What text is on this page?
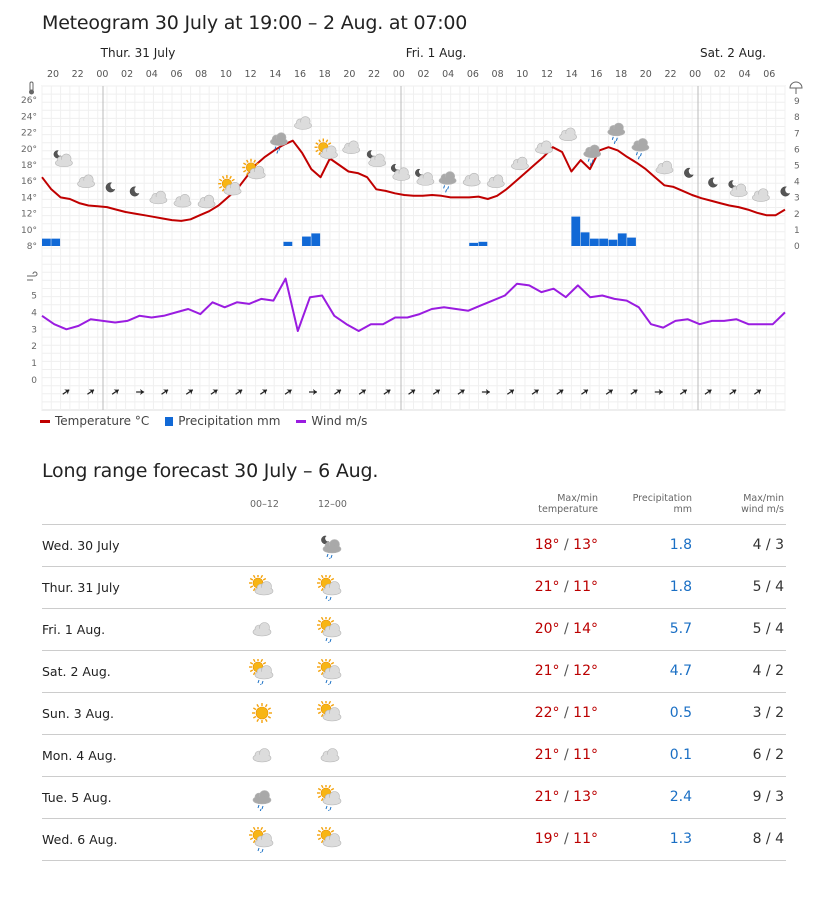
Meteogram 30 July at 19:00 – 2 Aug. at 07:00
20 22 00 02 04 06 08 10 12 14 16 18 20 22 00 02 04 06 08 10 12 14 16 18 20 22 00 02 04 06
Thur. 31 July	Fri. 1 Aug.	Sat. 2 Aug.
26°
24°
22°
20°
18°
16°
14°
12°
10°
8°
9
8
7
6
5
4
3
2
1
0
5
4
3
2
1
0
Temperature °C Precipitation mm	Wind m/s
Long range forecast 30 July – 6 Aug.
00–12	12–00
Max/min
temperature
Precipitation
mm
Max/min
wind m/s
Wed. 30 July	18° / 13°	1.8	4 / 3
Thur. 31 July	21° / 11°	1.8	5 / 4
Fri. 1 Aug.	20° / 14°	5.7	5 / 4
Sat. 2 Aug.	21° / 12°	4.7	4 / 2
Sun. 3 Aug.	22° / 11°	0.5	3 / 2
Mon. 4 Aug.	21° / 11°	0.1	6 / 2
Tue. 5 Aug.	21° / 13°	2.4	9 / 3
Wed. 6 Aug.	19° / 11°	1.3	8 / 4
